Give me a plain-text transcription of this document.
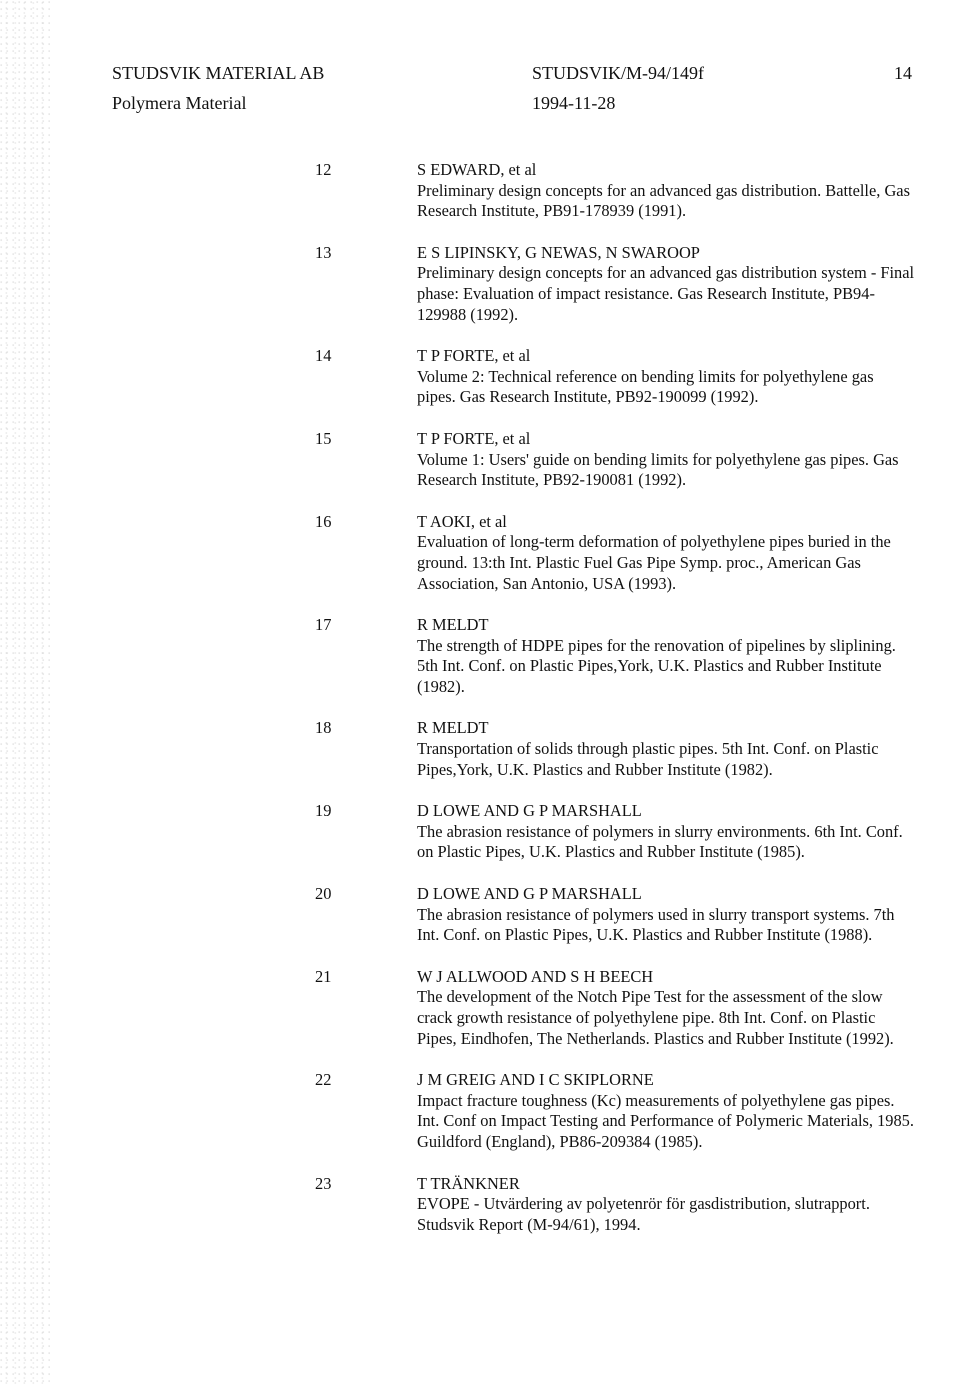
STUDSVIK MATERIAL AB	STUDSVIK/M-94/149f	14
Polymera Material	1994-11-28
12	S EDWARD, et al
Preliminary design concepts for an advanced gas distribution. Battelle, Gas Research Institute, PB91-178939 (1991).
13	E S LIPINSKY, G NEWAS, N SWAROOP
Preliminary design concepts for an advanced gas distribution system - Final phase: Evaluation of impact resistance. Gas Research Institute, PB94-129988 (1992).
14	T P FORTE, et al
Volume 2: Technical reference on bending limits for polyethylene gas pipes. Gas Research Institute, PB92-190099 (1992).
15	T P FORTE, et al
Volume 1: Users' guide on bending limits for polyethylene gas pipes. Gas Research Institute, PB92-190081 (1992).
16	T AOKI, et al
Evaluation of long-term deformation of polyethylene pipes buried in the ground. 13:th Int. Plastic Fuel Gas Pipe Symp. proc., American Gas Association, San Antonio, USA (1993).
17	R MELDT
The strength of HDPE pipes for the renovation of pipelines by sliplining. 5th Int. Conf. on Plastic Pipes,York, U.K. Plastics and Rubber Institute (1982).
18	R MELDT
Transportation of solids through plastic pipes. 5th Int. Conf. on Plastic Pipes,York, U.K. Plastics and Rubber Institute (1982).
19	D LOWE AND G P MARSHALL
The abrasion resistance of polymers in slurry environments. 6th Int. Conf. on Plastic Pipes, U.K. Plastics and Rubber Institute (1985).
20	D LOWE AND G P MARSHALL
The abrasion resistance of polymers used in slurry transport systems. 7th Int. Conf. on Plastic Pipes, U.K. Plastics and Rubber Institute (1988).
21	W J ALLWOOD AND S H BEECH
The development of the Notch Pipe Test for the assessment of the slow crack growth resistance of polyethylene pipe. 8th Int. Conf. on Plastic Pipes, Eindhofen, The Netherlands. Plastics and Rubber Institute (1992).
22	J M GREIG AND I C SKIPLORNE
Impact fracture toughness (Kc) measurements of polyethylene gas pipes. Int. Conf on Impact Testing and Performance of Polymeric Materials, 1985. Guildford (England), PB86-209384 (1985).
23	T TRÄNKNER
EVOPE - Utvärdering av polyetenrör för gasdistribution, slutrapport. Studsvik Report (M-94/61), 1994.
